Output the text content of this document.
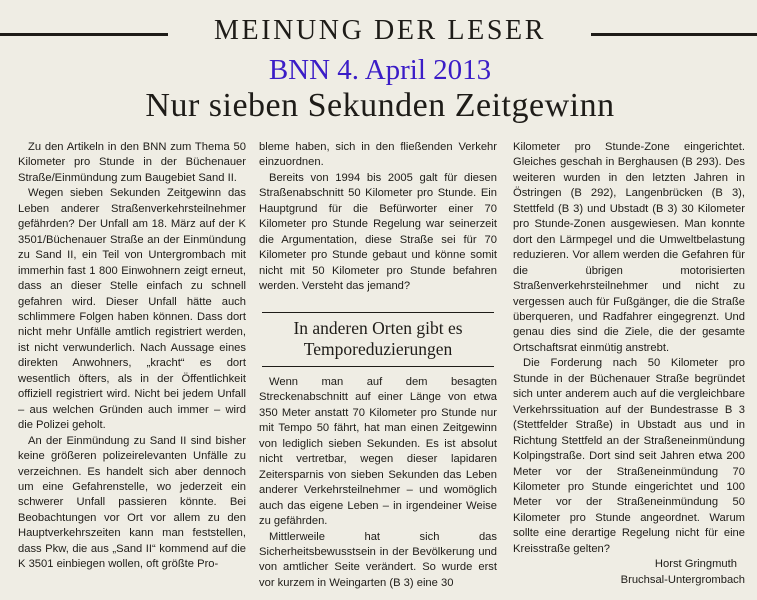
MEINUNG DER LESER
BNN 4. April 2013
Nur sieben Sekunden Zeitgewinn

Zu den Artikeln in den BNN zum Thema 50 Kilometer pro Stunde in der Büchenauer Straße/Einmündung zum Baugebiet Sand II.

Wegen sieben Sekunden Zeitgewinn das Leben anderer Straßenverkehrsteilnehmer gefährden? Der Unfall am 18. März auf der K 3501/Büchenauer Straße an der Einmündung zu Sand II, ein Teil von Untergrombach mit immerhin fast 1 800 Einwohnern zeigt erneut, dass an dieser Stelle einfach zu schnell gefahren wird. Dieser Unfall hätte auch schlimmere Folgen haben können. Dass dort nicht mehr Unfälle amtlich registriert werden, ist nicht verwunderlich. Nach Aussage eines direkten Anwohners, „kracht“ es dort wesentlich öfters, als in der Öffentlichkeit offiziell registriert wird. Nicht bei jedem Unfall – aus welchen Gründen auch immer – wird die Polizei geholt.

An der Einmündung zu Sand II sind bisher keine größeren polizeirelevanten Unfälle zu verzeichnen. Es handelt sich aber dennoch um eine Gefahrenstelle, wo jederzeit ein schwerer Unfall passieren könnte. Bei Beobachtungen vor Ort vor allem zu den Hauptverkehrszeiten kann man feststellen, dass Pkw, die aus „Sand II“ kommend auf die K 3501 einbiegen wollen, oft größte Pro-

bleme haben, sich in den fließenden Verkehr einzuordnen.

Bereits von 1994 bis 2005 galt für diesen Straßenabschnitt 50 Kilometer pro Stunde. Ein Hauptgrund für die Befürworter einer 70 Kilometer pro Stunde Regelung war seinerzeit die Argumentation, diese Straße sei für 70 Kilometer pro Stunde gebaut und könne somit nicht mit 50 Kilometer pro Stunde befahren werden. Versteht das jemand?

In anderen Orten gibt es Temporeduzierungen

Wenn man auf dem besagten Streckenabschnitt auf einer Länge von etwa 350 Meter anstatt 70 Kilometer pro Stunde nur mit Tempo 50 fährt, hat man einen Zeitgewinn von lediglich sieben Sekunden. Es ist absolut nicht vertretbar, wegen dieser lapidaren Zeitersparnis von sieben Sekunden das Leben anderer Verkehrsteilnehmer – und womöglich auch das eigene Leben – in irgendeiner Weise zu gefährden.

Mittlerweile hat sich das Sicherheitsbewusstsein in der Bevölkerung und von amtlicher Seite verändert. So wurde erst vor kurzem in Weingarten (B 3) eine 30

Kilometer pro Stunde-Zone eingerichtet. Gleiches geschah in Berghausen (B 293). Des weiteren wurden in den letzten Jahren in Östringen (B 292), Langenbrücken (B 3), Stettfeld (B 3) und Ubstadt (B 3) 30 Kilometer pro Stunde-Zonen ausgewiesen. Man konnte dort den Lärmpegel und die Umweltbelastung reduzieren. Vor allem werden die Gefahren für die übrigen motorisierten Straßenverkehrsteilnehmer und nicht zu vergessen auch für Fußgänger, die die Straße überqueren, und Radfahrer eingegrenzt. Und genau dies sind die Ziele, die der gesamte Ortschaftsrat einmütig anstrebt.

Die Forderung nach 50 Kilometer pro Stunde in der Büchenauer Straße begründet sich unter anderem auch auf die vergleichbare Verkehrssituation auf der Bundestrasse B 3 (Stettfelder Straße) in Ubstadt aus und in Richtung Stettfeld an der Straßeneinmündung Kolpingstraße. Dort sind seit Jahren etwa 200 Meter vor der Straßeneinmündung 70 Kilometer pro Stunde eingerichtet und 100 Meter vor der Straßeneinmündung 50 Kilometer pro Stunde angeordnet. Warum sollte eine derartige Regelung nicht für eine Kreisstraße gelten?

Horst Gringmuth

Bruchsal-Untergrombach
